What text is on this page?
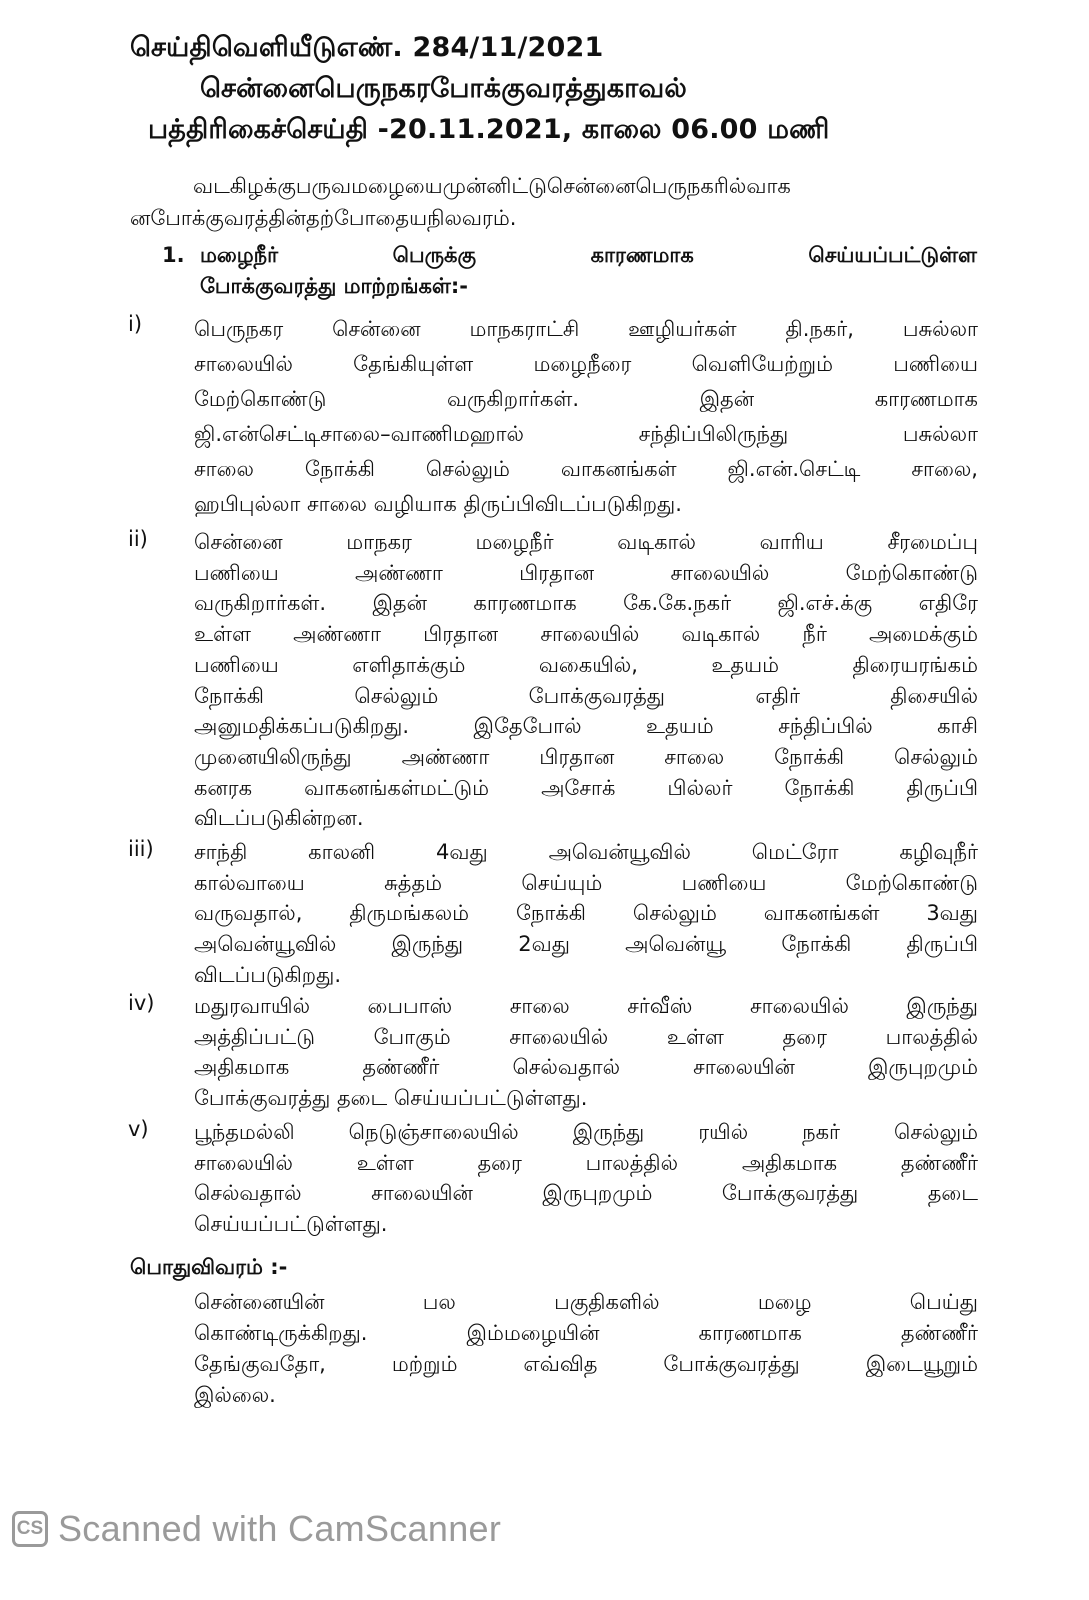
செய்திவெளியீடுஎண். 284/11/2021
சென்னைபெருநகரபோக்குவரத்துகாவல்
பத்திரிகைச்செய்தி -20.11.2021, காலை 06.00 மணி
வடகிழக்குபருவமழையைமுன்னிட்டுசென்னைபெருநகரில்வாக
னபோக்குவரத்தின்தற்போதையநிலவரம்.
1. மழைநீர்	பெருக்கு	காரணமாக	செய்யப்பட்டுள்ள
போக்குவரத்து மாற்றங்கள்:-
i)	பெருநகர சென்னை மாநகராட்சி ஊழியர்கள் தி.நகர், பசுல்லா

சாலையில் தேங்கியுள்ள மழைநீரை வெளியேற்றும் பணியை

மேற்கொண்டு வருகிறார்கள். இதன் காரணமாக

ஜி.என்செட்டிசாலை–வாணிமஹால் சந்திப்பிலிருந்து பசுல்லா

சாலை நோக்கி செல்லும் வாகனங்கள் ஜி.என்.செட்டி சாலை,

ஹபிபுல்லா சாலை வழியாக திருப்பிவிடப்படுகிறது.

ii)	சென்னை மாநகர மழைநீர் வடிகால் வாரிய சீரமைப்பு

பணியை அண்ணா பிரதான சாலையில் மேற்கொண்டு

வருகிறார்கள். இதன் காரணமாக கே.கே.நகர் ஜி.எச்.க்கு எதிரே

உள்ள அண்ணா பிரதான சாலையில் வடிகால் நீர் அமைக்கும்

பணியை எளிதாக்கும் வகையில், உதயம் திரையரங்கம்

நோக்கி செல்லும் போக்குவரத்து எதிர் திசையில்

அனுமதிக்கப்படுகிறது. இதேபோல் உதயம் சந்திப்பில் காசி

முனையிலிருந்து அண்ணா பிரதான சாலை நோக்கி செல்லும்

கனரக வாகனங்கள்மட்டும் அசோக் பில்லர் நோக்கி திருப்பி

விடப்படுகின்றன.

iii)	சாந்தி காலனி 4வது அவென்யூவில் மெட்ரோ கழிவுநீர்

கால்வாயை சுத்தம் செய்யும் பணியை மேற்கொண்டு

வருவதால், திருமங்கலம் நோக்கி செல்லும் வாகனங்கள் 3வது

அவென்யூவில் இருந்து 2வது அவென்யூ நோக்கி திருப்பி

விடப்படுகிறது.

iv)	மதுரவாயில் பைபாஸ் சாலை சர்வீஸ் சாலையில் இருந்து

அத்திப்பட்டு போகும் சாலையில் உள்ள தரை பாலத்தில்

அதிகமாக தண்ணீர் செல்வதால் சாலையின் இருபுறமும்

போக்குவரத்து தடை செய்யப்பட்டுள்ளது.

v)	பூந்தமல்லி நெடுஞ்சாலையில் இருந்து ரயில் நகர் செல்லும்

சாலையில் உள்ள தரை பாலத்தில் அதிகமாக தண்ணீர்

செல்வதால் சாலையின் இருபுறமும் போக்குவரத்து தடை

செய்யப்பட்டுள்ளது.

பொதுவிவரம் :-

சென்னையின் பல பகுதிகளில் மழை பெய்து

கொண்டிருக்கிறது. இம்மழையின் காரணமாக தண்ணீர்

தேங்குவதோ, மற்றும் எவ்வித போக்குவரத்து இடையூறும்

இல்லை.

CS Scanned with CamScanner
